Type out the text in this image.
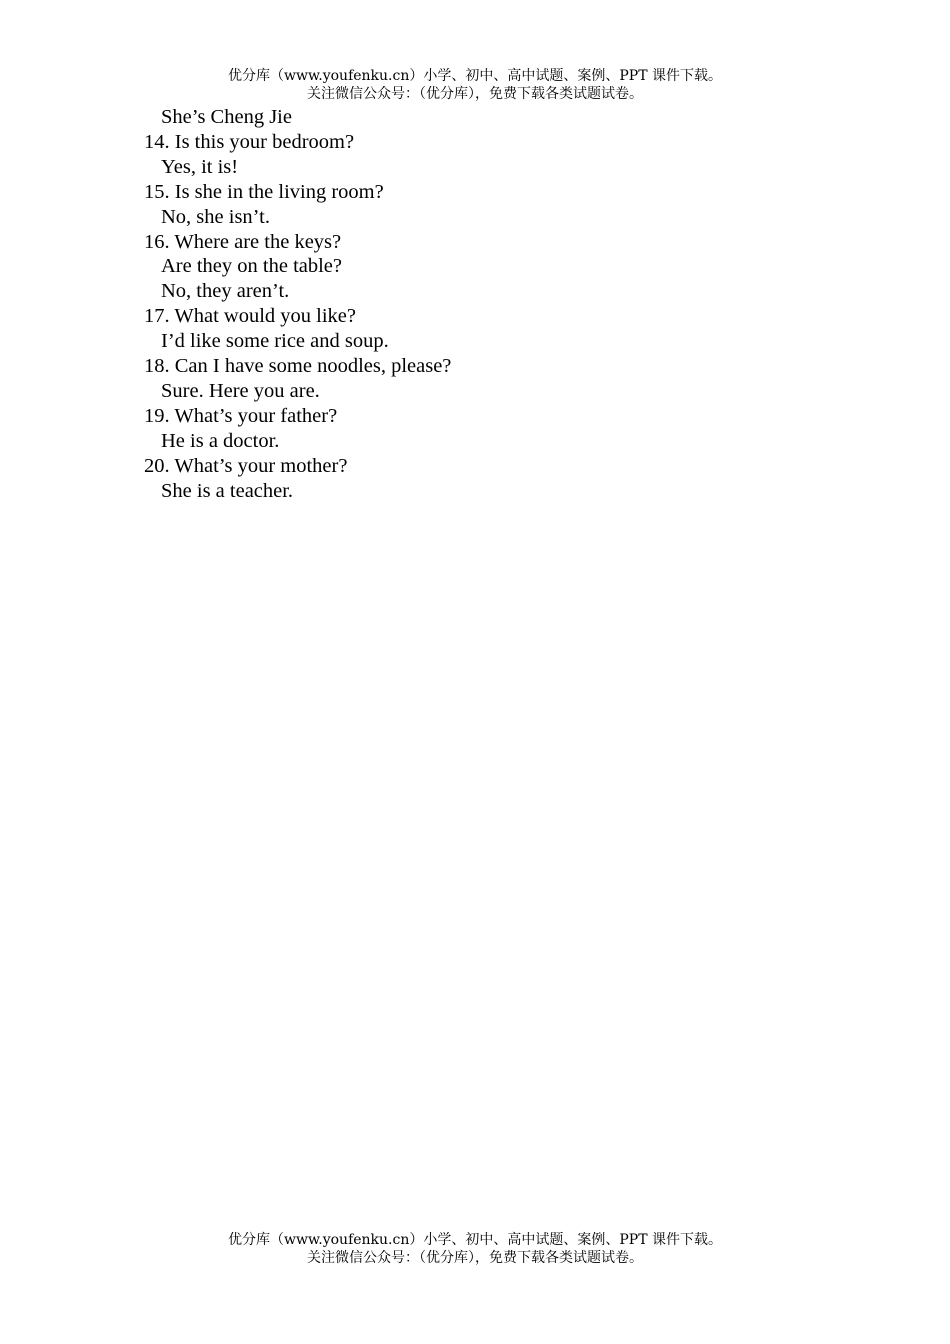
优分库（www.youfenku.cn）小学、初中、高中试题、案例、PPT 课件下载。
关注微信公众号：（优分库），免费下载各类试题试卷。
She’s Cheng Jie
14. Is this your bedroom?
Yes, it is!
15. Is she in the living room?
No, she isn’t.
16. Where are the keys?
Are they on the table?
No, they aren’t.
17. What would you like?
I’d like some rice and soup.
18. Can I have some noodles, please?
Sure. Here you are.
19. What’s your father?
He is a doctor.
20. What’s your mother?
She is a teacher.
优分库（www.youfenku.cn）小学、初中、高中试题、案例、PPT 课件下载。
关注微信公众号：（优分库），免费下载各类试题试卷。
